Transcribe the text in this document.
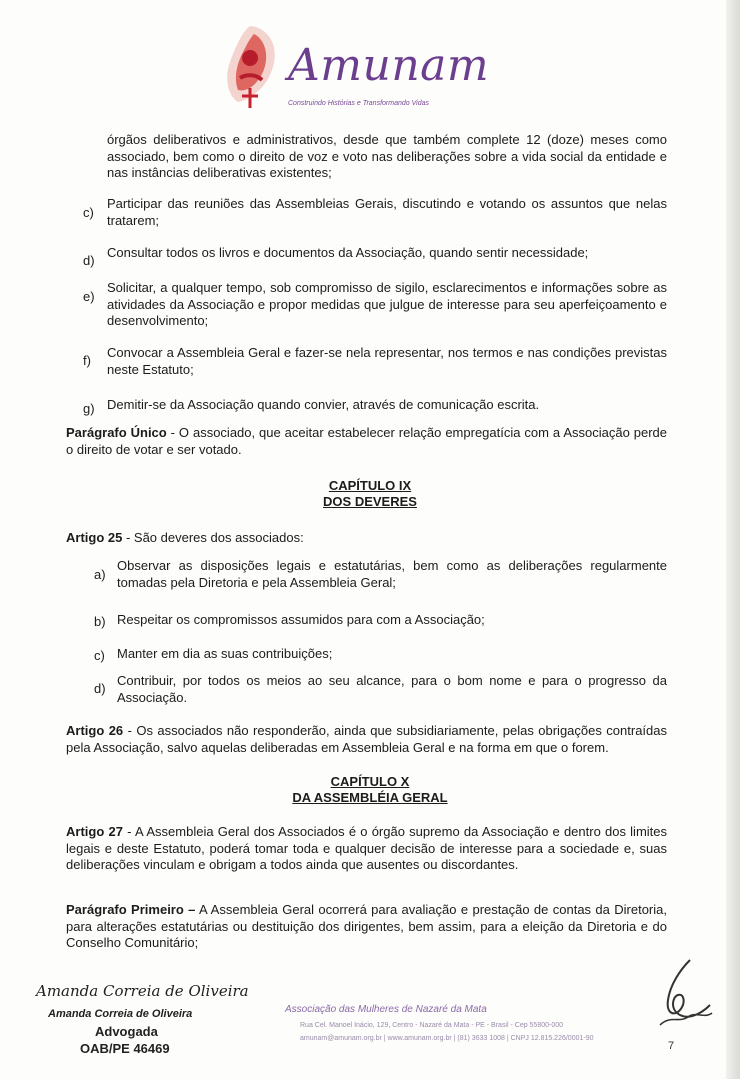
Amunam
Construindo Histórias e Transformando Vidas
órgãos deliberativos e administrativos, desde que também complete 12 (doze) meses como associado, bem como o direito de voz e voto nas deliberações sobre a vida social da entidade e nas instâncias deliberativas existentes;
c)
Participar das reuniões das Assembleias Gerais, discutindo e votando os assuntos que nelas tratarem;
d)
Consultar todos os livros e documentos da Associação, quando sentir necessidade;
e)
Solicitar, a qualquer tempo, sob compromisso de sigilo, esclarecimentos e informações sobre as atividades da Associação e propor medidas que julgue de interesse para seu aperfeiçoamento e desenvolvimento;
f)
Convocar a Assembleia Geral e fazer-se nela representar, nos termos e nas condições previstas neste Estatuto;
g) Demitir-se da Associação quando convier, através de comunicação escrita.
Parágrafo Único - O associado, que aceitar estabelecer relação empregatícia com a Associação perde o direito de votar e ser votado.
CAPÍTULO IX
DOS DEVERES
Artigo 25 - São deveres dos associados:
a)
Observar as disposições legais e estatutárias, bem como as deliberações regularmente tomadas pela Diretoria e pela Assembleia Geral;
b) Respeitar os compromissos assumidos para com a Associação;
c) Manter em dia as suas contribuições;
d)
Contribuir, por todos os meios ao seu alcance, para o bom nome e para o progresso da Associação.
Artigo 26 - Os associados não responderão, ainda que subsidiariamente, pelas obrigações contraídas pela Associação, salvo aquelas deliberadas em Assembleia Geral e na forma em que o forem.
CAPÍTULO X
DA ASSEMBLÉIA GERAL
Artigo 27 - A Assembleia Geral dos Associados é o órgão supremo da Associação e dentro dos limites legais e deste Estatuto, poderá tomar toda e qualquer decisão de interesse para a sociedade e, suas deliberações vinculam e obrigam a todos ainda que ausentes ou discordantes.
Parágrafo Primeiro – A Assembleia Geral ocorrerá para avaliação e prestação de contas da Diretoria, para alterações estatutárias ou destituição dos dirigentes, bem assim, para a eleição da Diretoria e do Conselho Comunitário;
Amanda Correia de Oliveira
Amanda Correia de Oliveira
Advogada
OAB/PE 46469
Associação das Mulheres de Nazaré da Mata
Rua Cel. Manoel Inácio, 129, Centro - Nazaré da Mata - PE - Brasil - Cep 55800-000
amunam@amunam.org.br | www.amunam.org.br | (81) 3633 1008 | CNPJ 12.815.226/0001-90
7
